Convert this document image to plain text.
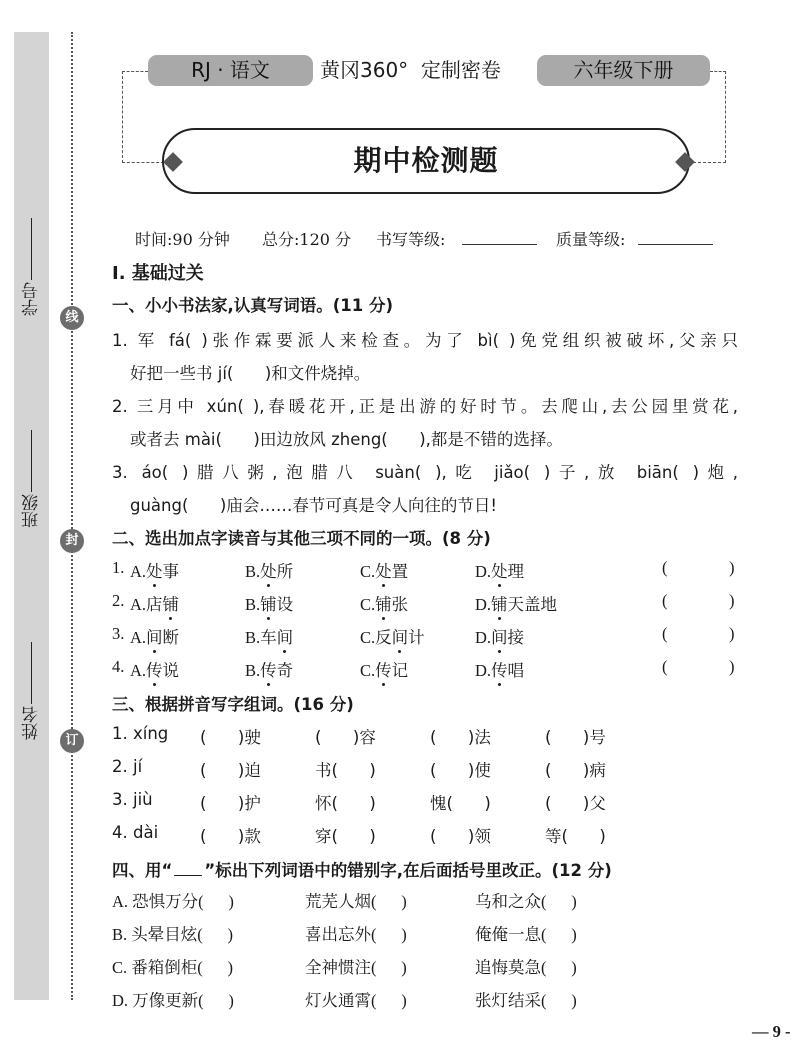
线
封
订
学号
班级
姓名
RJ · 语文	黄冈360°  定制密卷	六年级下册
期中检测题
时间:90 分钟 总分:120 分 书写等级:	质量等级:
Ⅰ. 基础过关
一、小小书法家,认真写词语。(11 分)
1. 军 fá( )张作霖要派人来检查。为了 bì( )免党组织被破坏,父亲只
好把一些书 jí(      )和文件烧掉。
2. 三月中 xún( ),春暖花开,正是出游的好时节。去爬山,去公园里赏花,
或者去 mài(      )田边放风 zheng(      ),都是不错的选择。
3. áo( )腊八粥,泡腊八 suàn( ),吃 jiǎo( )子,放 biān( )炮,
guàng(      )庙会……春节可真是令人向往的节日!
二、选出加点字读音与其他三项不同的一项。(8 分)
1. A.处事	B.处所	C.处置	D.处理	(	)
2. A.店铺	B.铺设	C.铺张	D.铺天盖地	(	)
3. A.间断	B.车间	C.反间计	D.间接	(	)
4. A.传说	B.传奇	C.传记	D.传唱	(	)
三、根据拼音写字组词。(16 分)
1. xíng (      )驶	(      )容	(      )法	(      )号
2. jí	(      )迫	书(      )	(      )使	(      )病
3. jiù	(      )护	怀(      )	愧(      )	(      )父
4. dài	(      )款	穿(      )	(      )领	等(      )
四、用“ ”标出下列词语中的错别字,在后面括号里改正。(12 分)
A. 恐惧万分(      )	荒芜人烟(      )	乌和之众(      )
B. 头晕目炫(      )	喜出忘外(      )	俺俺一息(      )
C. 番箱倒柜(      )	全神惯注(      )	追悔莫急(      )
D. 万像更新(      )	灯火通霄(      )	张灯结采(      )
— 9 -
